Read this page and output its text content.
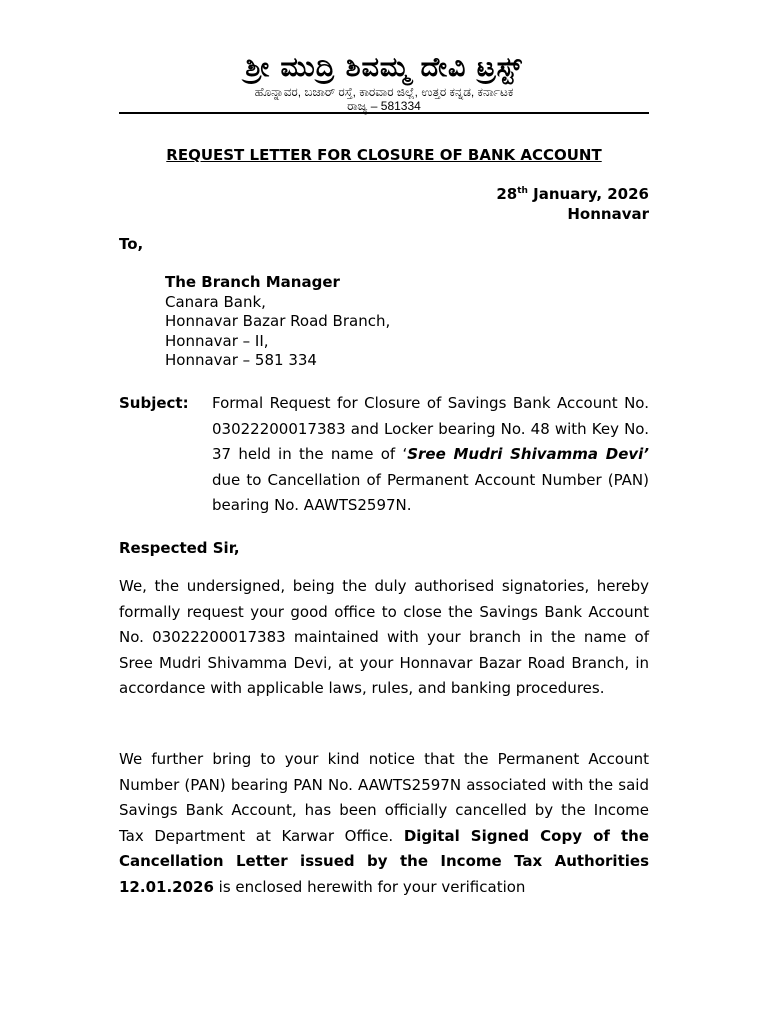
ಶ್ರೀ ಮುದ್ರಿ ಶಿವಮ್ಮ ದೇವಿ ಟ್ರಸ್ಟ್
ಹೊನ್ನಾವರ, ಬಜಾರ್ ರಸ್ತೆ, ಕಾರವಾರ ಜಿಲ್ಲೆ, ಉತ್ತರ ಕನ್ನಡ, ಕರ್ನಾಟಕ
ರಾಜ್ಯ – 581334
REQUEST LETTER FOR CLOSURE OF BANK ACCOUNT
28th January, 2026
Honnavar
To,
The Branch Manager
Canara Bank,
Honnavar Bazar Road Branch,
Honnavar – II,
Honnavar – 581 334
Subject: Formal Request for Closure of Savings Bank Account No. 03022200017383 and Locker bearing No. 48 with Key No. 37 held in the name of ‘Sree Mudri Shivamma Devi’ due to Cancellation of Permanent Account Number (PAN) bearing No. AAWTS2597N.
Respected Sir,
We, the undersigned, being the duly authorised signatories, hereby formally request your good office to close the Savings Bank Account No. 03022200017383 maintained with your branch in the name of Sree Mudri Shivamma Devi, at your Honnavar Bazar Road Branch, in accordance with applicable laws, rules, and banking procedures.
We further bring to your kind notice that the Permanent Account Number (PAN) bearing PAN No. AAWTS2597N associated with the said Savings Bank Account, has been officially cancelled by the Income Tax Department at Karwar Office. Digital Signed Copy of the Cancellation Letter issued by the Income Tax Authorities 12.01.2026 is enclosed herewith for your verification
